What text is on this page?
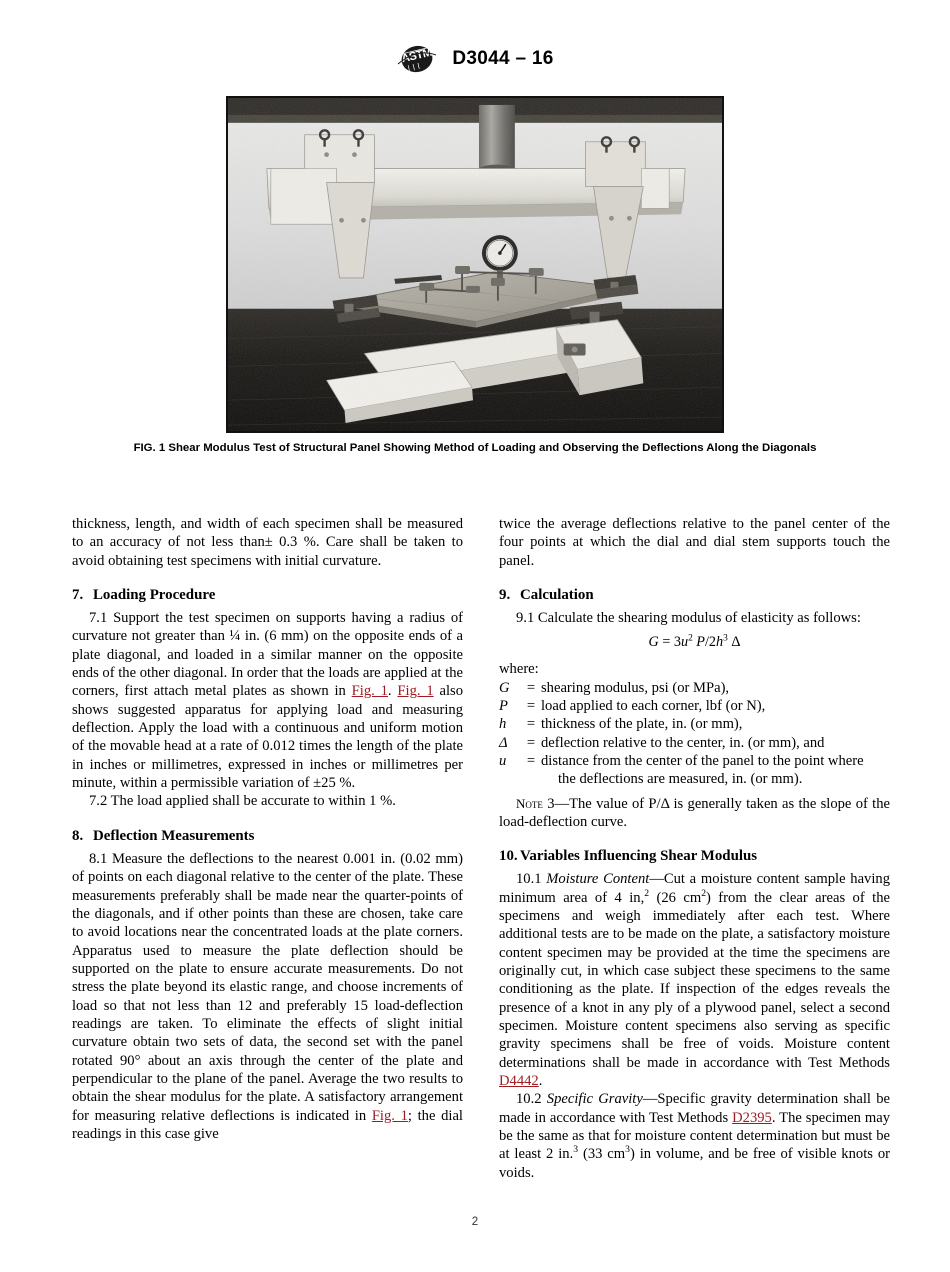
ASTM D3044 – 16
FIG. 1 Shear Modulus Test of Structural Panel Showing Method of Loading and Observing the Deflections Along the Diagonals

thickness, length, and width of each specimen shall be measured to an accuracy of not less than± 0.3 %. Care shall be taken to avoid obtaining test specimens with initial curvature.

7. Loading Procedure

7.1 Support the test specimen on supports having a radius of curvature not greater than ¼ in. (6 mm) on the opposite ends of a plate diagonal, and loaded in a similar manner on the opposite ends of the other diagonal. In order that the loads are applied at the corners, first attach metal plates as shown in Fig. 1. Fig. 1 also shows suggested apparatus for applying load and measuring deflection. Apply the load with a continuous and uniform motion of the movable head at a rate of 0.012 times the length of the plate in inches or millimetres, expressed in inches or millimetres per minute, within a permissible variation of ±25 %.

7.2 The load applied shall be accurate to within 1 %.

8. Deflection Measurements

8.1 Measure the deflections to the nearest 0.001 in. (0.02 mm) of points on each diagonal relative to the center of the plate. These measurements preferably shall be made near the quarter-points of the diagonals, and if other points than these are chosen, take care to avoid locations near the concentrated loads at the plate corners. Apparatus used to measure the plate deflection should be supported on the plate to ensure accurate measurements. Do not stress the plate beyond its elastic range, and choose increments of load so that not less than 12 and preferably 15 load-deflection readings are taken. To eliminate the effects of slight initial curvature obtain two sets of data, the second set with the panel rotated 90° about an axis through the center of the plate and perpendicular to the plane of the panel. Average the two results to obtain the shear modulus for the plate. A satisfactory arrangement for measuring relative deflections is indicated in Fig. 1; the dial readings in this case give

twice the average deflections relative to the panel center of the four points at which the dial and dial stem supports touch the panel.

9. Calculation

9.1 Calculate the shearing modulus of elasticity as follows:

$G = 3u^2$ $P/2h^3$ Δ

where:

G	=	shearing modulus, psi (or MPa),
P	=	load applied to each corner, lbf (or N),
h	=	thickness of the plate, in. (or mm),
Δ	=	deflection relative to the center, in. (or mm), and
u	=	distance from the center of the panel to the point where
the deflections are measured, in. (or mm).

Note 3—The value of P/Δ is generally taken as the slope of the load-deflection curve.

10. Variables Influencing Shear Modulus

10.1 Moisture Content—Cut a moisture content sample having minimum area of 4 in,$^2$ (26 $cm^2$) from the clear areas of the specimens and weigh immediately after each test. Where additional tests are to be made on the plate, a satisfactory moisture content specimen may be provided at the time the specimens are originally cut, in which case subject these specimens to the same conditioning as the plate. If inspection of the edges reveals the presence of a knot in any ply of a plywood panel, select a second specimen. Moisture content specimens also serving as specific gravity specimens shall be free of voids. Moisture content determinations shall be made in accordance with Test Methods D4442.

10.2 Specific Gravity—Specific gravity determination shall be made in accordance with Test Methods D2395. The specimen may be the same as that for moisture content determination but must be at least 2 in.$^3$ (33 $cm^3$) in volume, and be free of visible knots or voids.

2
